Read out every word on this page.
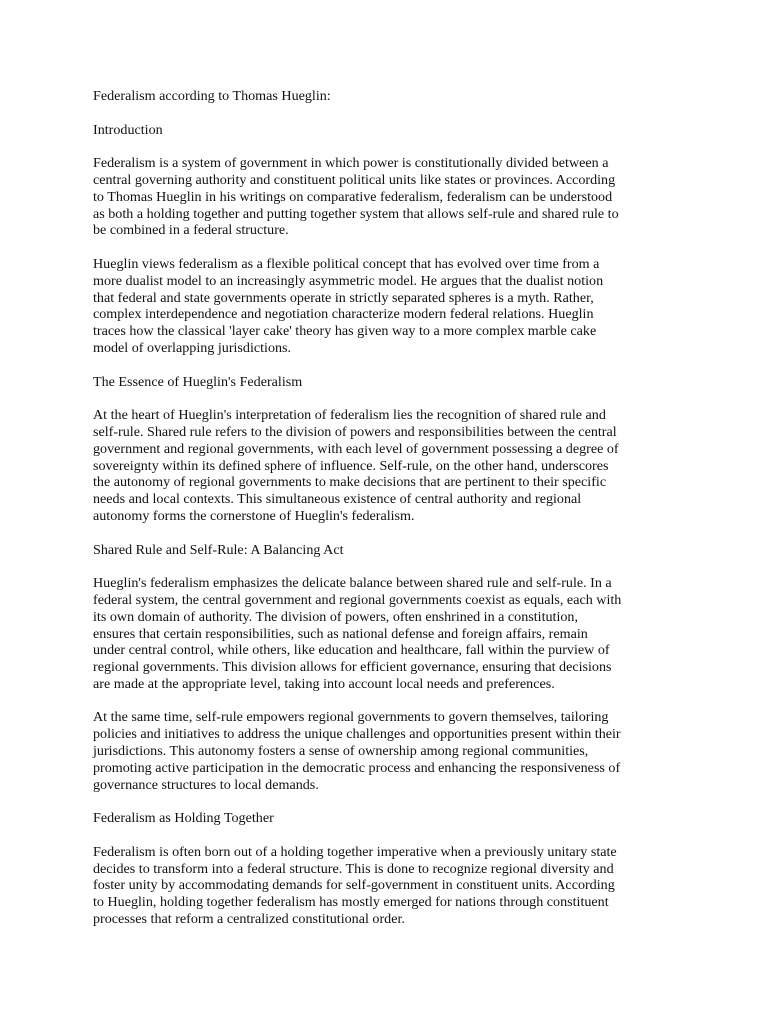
Federalism according to Thomas Hueglin:
Introduction
Federalism is a system of government in which power is constitutionally divided between a
central governing authority and constituent political units like states or provinces. According
to Thomas Hueglin in his writings on comparative federalism, federalism can be understood
as both a holding together and putting together system that allows self-rule and shared rule to
be combined in a federal structure.
Hueglin views federalism as a flexible political concept that has evolved over time from a
more dualist model to an increasingly asymmetric model. He argues that the dualist notion
that federal and state governments operate in strictly separated spheres is a myth. Rather,
complex interdependence and negotiation characterize modern federal relations. Hueglin
traces how the classical 'layer cake' theory has given way to a more complex marble cake
model of overlapping jurisdictions.
The Essence of Hueglin's Federalism
At the heart of Hueglin's interpretation of federalism lies the recognition of shared rule and
self-rule. Shared rule refers to the division of powers and responsibilities between the central
government and regional governments, with each level of government possessing a degree of
sovereignty within its defined sphere of influence. Self-rule, on the other hand, underscores
the autonomy of regional governments to make decisions that are pertinent to their specific
needs and local contexts. This simultaneous existence of central authority and regional
autonomy forms the cornerstone of Hueglin's federalism.
Shared Rule and Self-Rule: A Balancing Act
Hueglin's federalism emphasizes the delicate balance between shared rule and self-rule. In a
federal system, the central government and regional governments coexist as equals, each with
its own domain of authority. The division of powers, often enshrined in a constitution,
ensures that certain responsibilities, such as national defense and foreign affairs, remain
under central control, while others, like education and healthcare, fall within the purview of
regional governments. This division allows for efficient governance, ensuring that decisions
are made at the appropriate level, taking into account local needs and preferences.
At the same time, self-rule empowers regional governments to govern themselves, tailoring
policies and initiatives to address the unique challenges and opportunities present within their
jurisdictions. This autonomy fosters a sense of ownership among regional communities,
promoting active participation in the democratic process and enhancing the responsiveness of
governance structures to local demands.
Federalism as Holding Together
Federalism is often born out of a holding together imperative when a previously unitary state
decides to transform into a federal structure. This is done to recognize regional diversity and
foster unity by accommodating demands for self-government in constituent units. According
to Hueglin, holding together federalism has mostly emerged for nations through constituent
processes that reform a centralized constitutional order.
